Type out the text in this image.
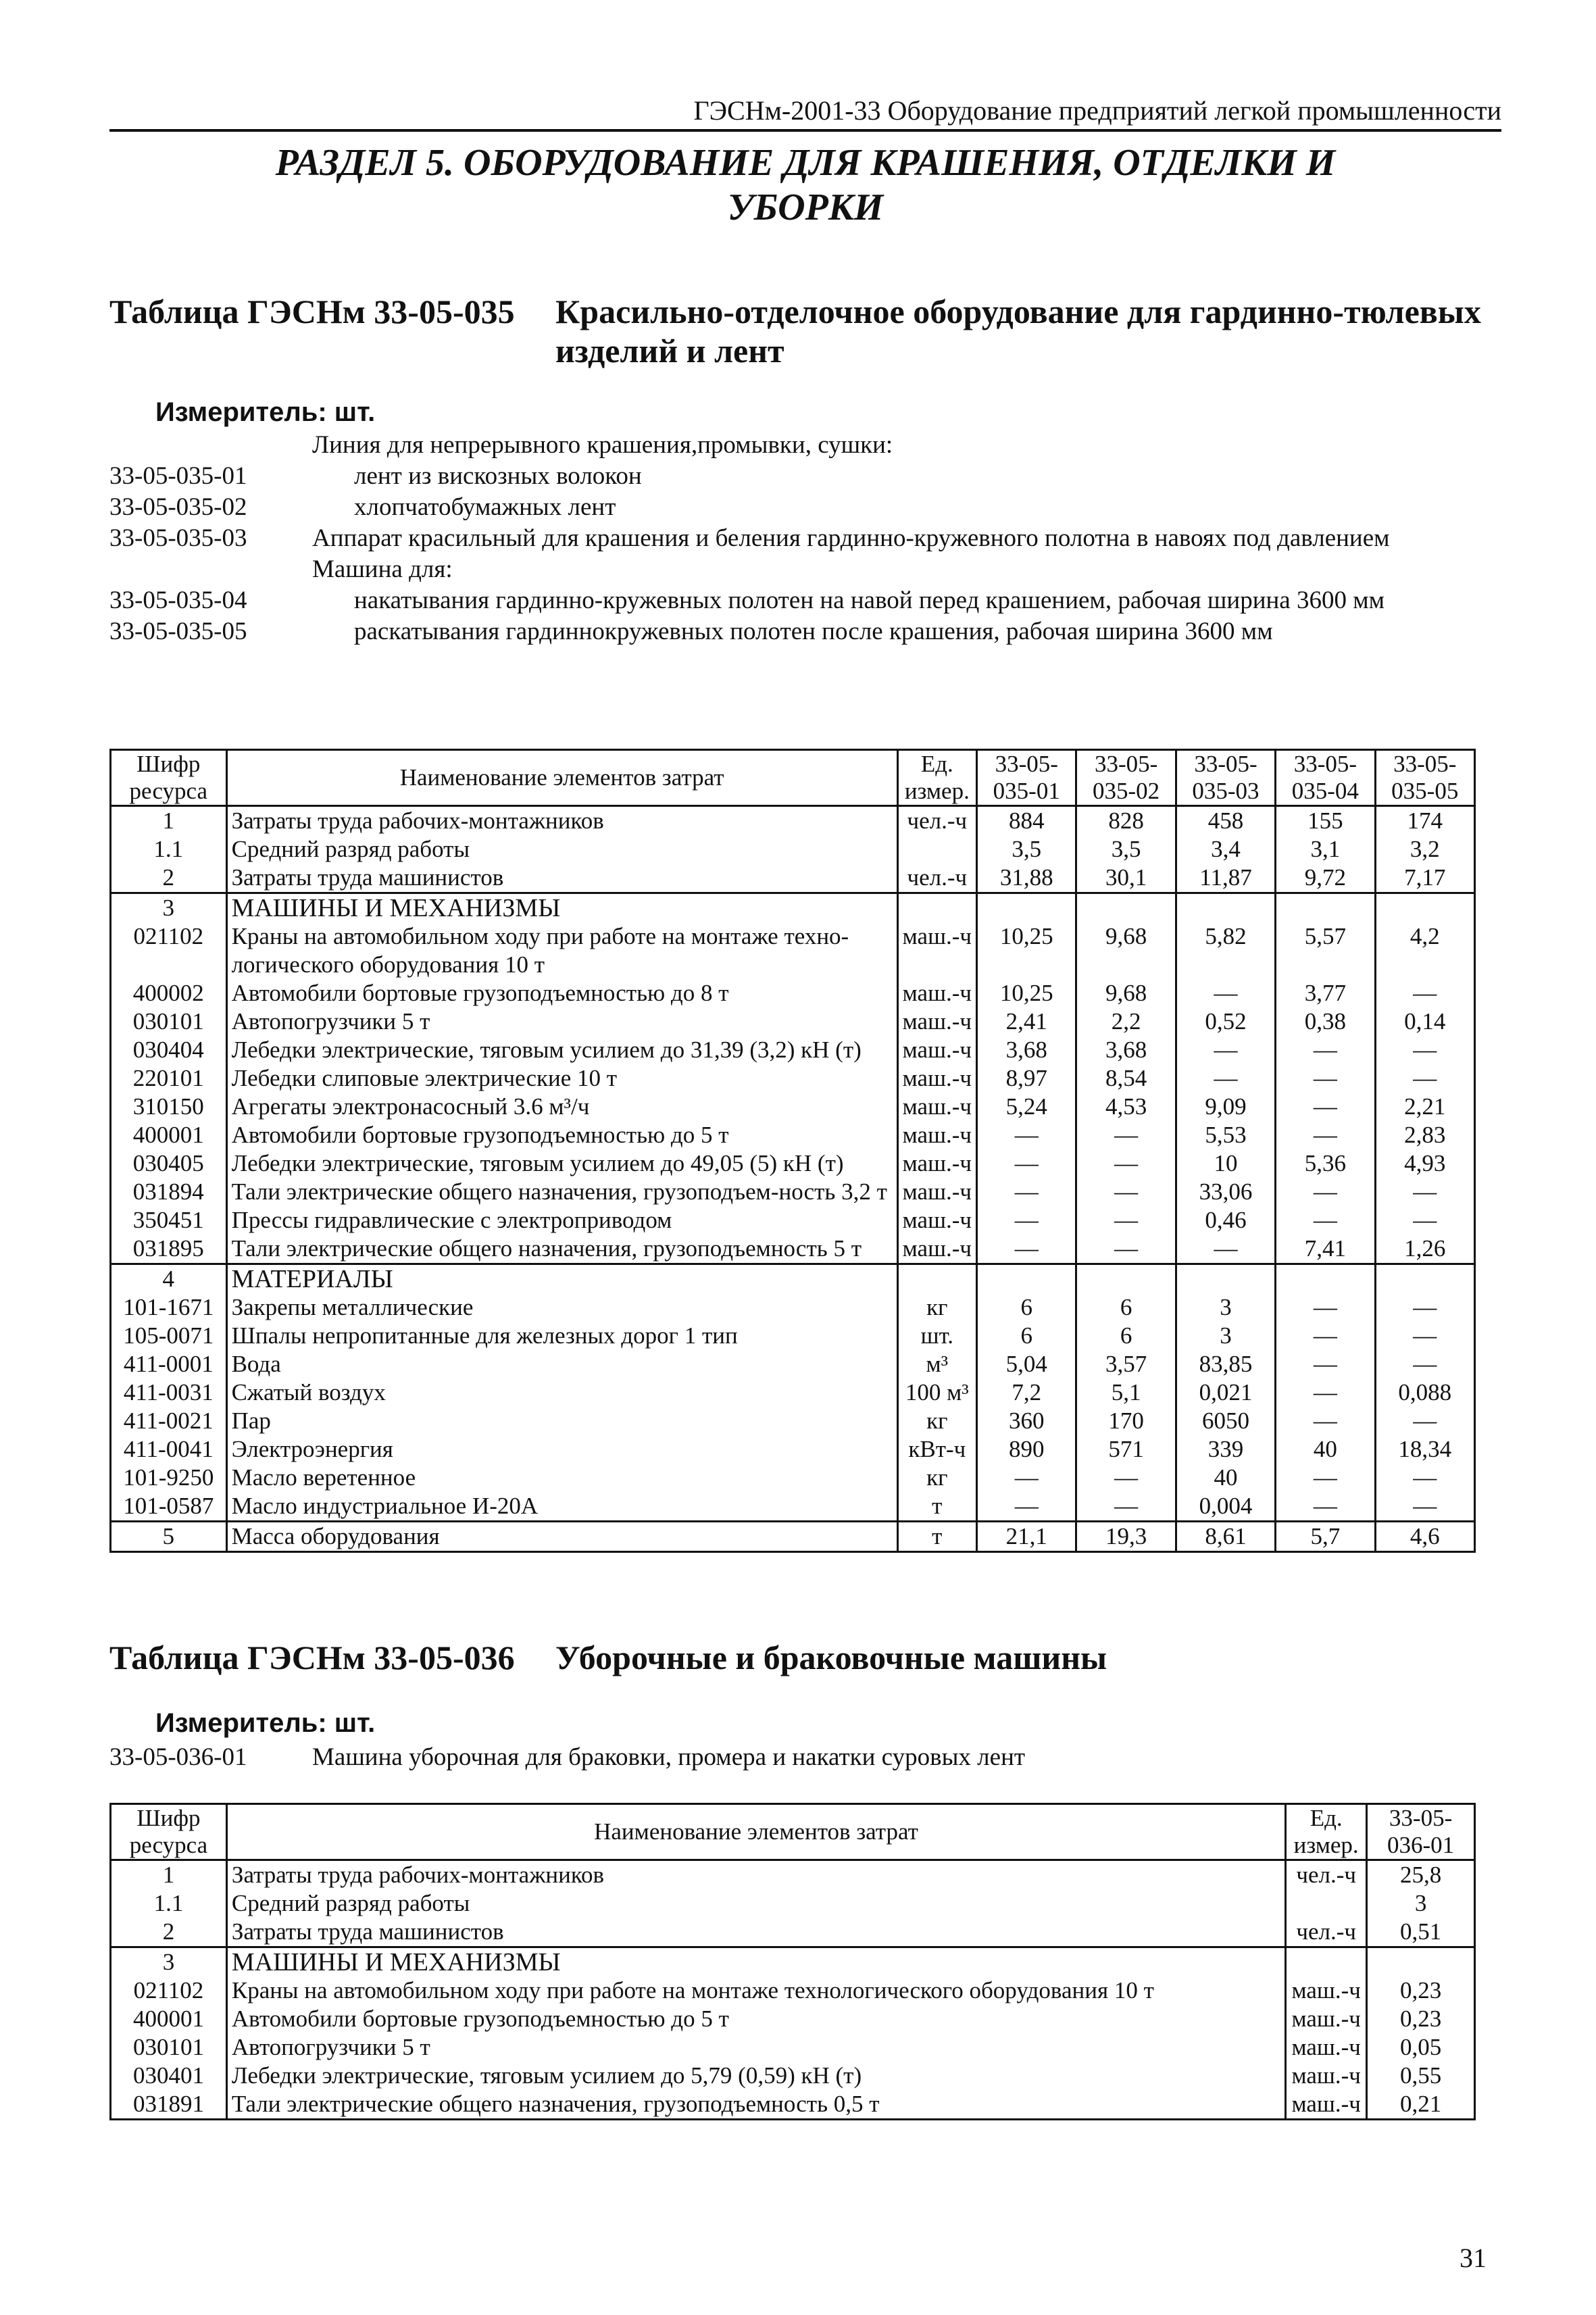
ГЭСНм-2001-33 Оборудование предприятий легкой промышленности
РАЗДЕЛ 5. ОБОРУДОВАНИЕ ДЛЯ КРАШЕНИЯ, ОТДЕЛКИ И
УБОРКИ
Таблица ГЭСНм 33-05-035 Красильно-отделочное оборудование для гардинно-тюлевых изделий и лент
Измеритель: шт.
Линия для непрерывного крашения,промывки, сушки:
33-05-035-01	лент из вискозных волокон
33-05-035-02	хлопчатобумажных лент
33-05-035-03	Аппарат красильный для крашения и беления гардинно-кружевного полотна в навоях под давлением
Машина для:
33-05-035-04	накатывания гардинно-кружевных полотен на навой перед крашением, рабочая ширина 3600 мм
33-05-035-05	раскатывания гардиннокружевных полотен после крашения, рабочая ширина 3600 мм
Шифр ресурса	Наименование элементов затрат	Ед. измер.	33-05- 035-01	33-05- 035-02	33-05- 035-03	33-05- 035-04	33-05- 035-05
1	Затраты труда рабочих-монтажников	чел.-ч	884	828	458	155	174
1.1	Средний разряд работы		3,5	3,5	3,4	3,1	3,2
2	Затраты труда машинистов	чел.-ч	31,88	30,1	11,87	9,72	7,17
3	МАШИНЫ И МЕХАНИЗМЫ						
021102	Краны на автомобильном ходу при работе на монтаже техно-логического оборудования 10 т	маш.-ч	10,25	9,68	5,82	5,57	4,2
400002	Автомобили бортовые грузоподъемностью до 8 т	маш.-ч	10,25	9,68	—	3,77	—
030101	Автопогрузчики 5 т	маш.-ч	2,41	2,2	0,52	0,38	0,14
030404	Лебедки электрические, тяговым усилием до 31,39 (3,2) кН (т)	маш.-ч	3,68	3,68	—	—	—
220101	Лебедки слиповые электрические 10 т	маш.-ч	8,97	8,54	—	—	—
310150	Агрегаты электронасосный 3.6 м³/ч	маш.-ч	5,24	4,53	9,09	—	2,21
400001	Автомобили бортовые грузоподъемностью до 5 т	маш.-ч	—	—	5,53	—	2,83
030405	Лебедки электрические, тяговым усилием до 49,05 (5) кН (т)	маш.-ч	—	—	10	5,36	4,93
031894	Тали электрические общего назначения, грузоподъем-ность 3,2 т	маш.-ч	—	—	33,06	—	—
350451	Прессы гидравлические с электроприводом	маш.-ч	—	—	0,46	—	—
031895	Тали электрические общего назначения, грузоподъемность 5 т	маш.-ч	—	—	—	7,41	1,26
4	МАТЕРИАЛЫ						
101-1671	Закрепы металлические	кг	6	6	3	—	—
105-0071	Шпалы непропитанные для железных дорог 1 тип	шт.	6	6	3	—	—
411-0001	Вода	м³	5,04	3,57	83,85	—	—
411-0031	Сжатый воздух	100 м³	7,2	5,1	0,021	—	0,088
411-0021	Пар	кг	360	170	6050	—	—
411-0041	Электроэнергия	кВт-ч	890	571	339	40	18,34
101-9250	Масло веретенное	кг	—	—	40	—	—
101-0587	Масло индустриальное И-20А	т	—	—	0,004	—	—
5	Масса оборудования	т	21,1	19,3	8,61	5,7	4,6
Таблица ГЭСНм 33-05-036 Уборочные и браковочные машины
Измеритель: шт.
33-05-036-01	Машина уборочная для браковки, промера и накатки суровых лент
Шифр ресурса	Наименование элементов затрат	Ед. измер.	33-05- 036-01
1	Затраты труда рабочих-монтажников	чел.-ч	25,8
1.1	Средний разряд работы		3
2	Затраты труда машинистов	чел.-ч	0,51
3	МАШИНЫ И МЕХАНИЗМЫ		
021102	Краны на автомобильном ходу при работе на монтаже технологического оборудования 10 т	маш.-ч	0,23
400001	Автомобили бортовые грузоподъемностью до 5 т	маш.-ч	0,23
030101	Автопогрузчики 5 т	маш.-ч	0,05
030401	Лебедки электрические, тяговым усилием до 5,79 (0,59) кН (т)	маш.-ч	0,55
031891	Тали электрические общего назначения, грузоподъемность 0,5 т	маш.-ч	0,21
31
